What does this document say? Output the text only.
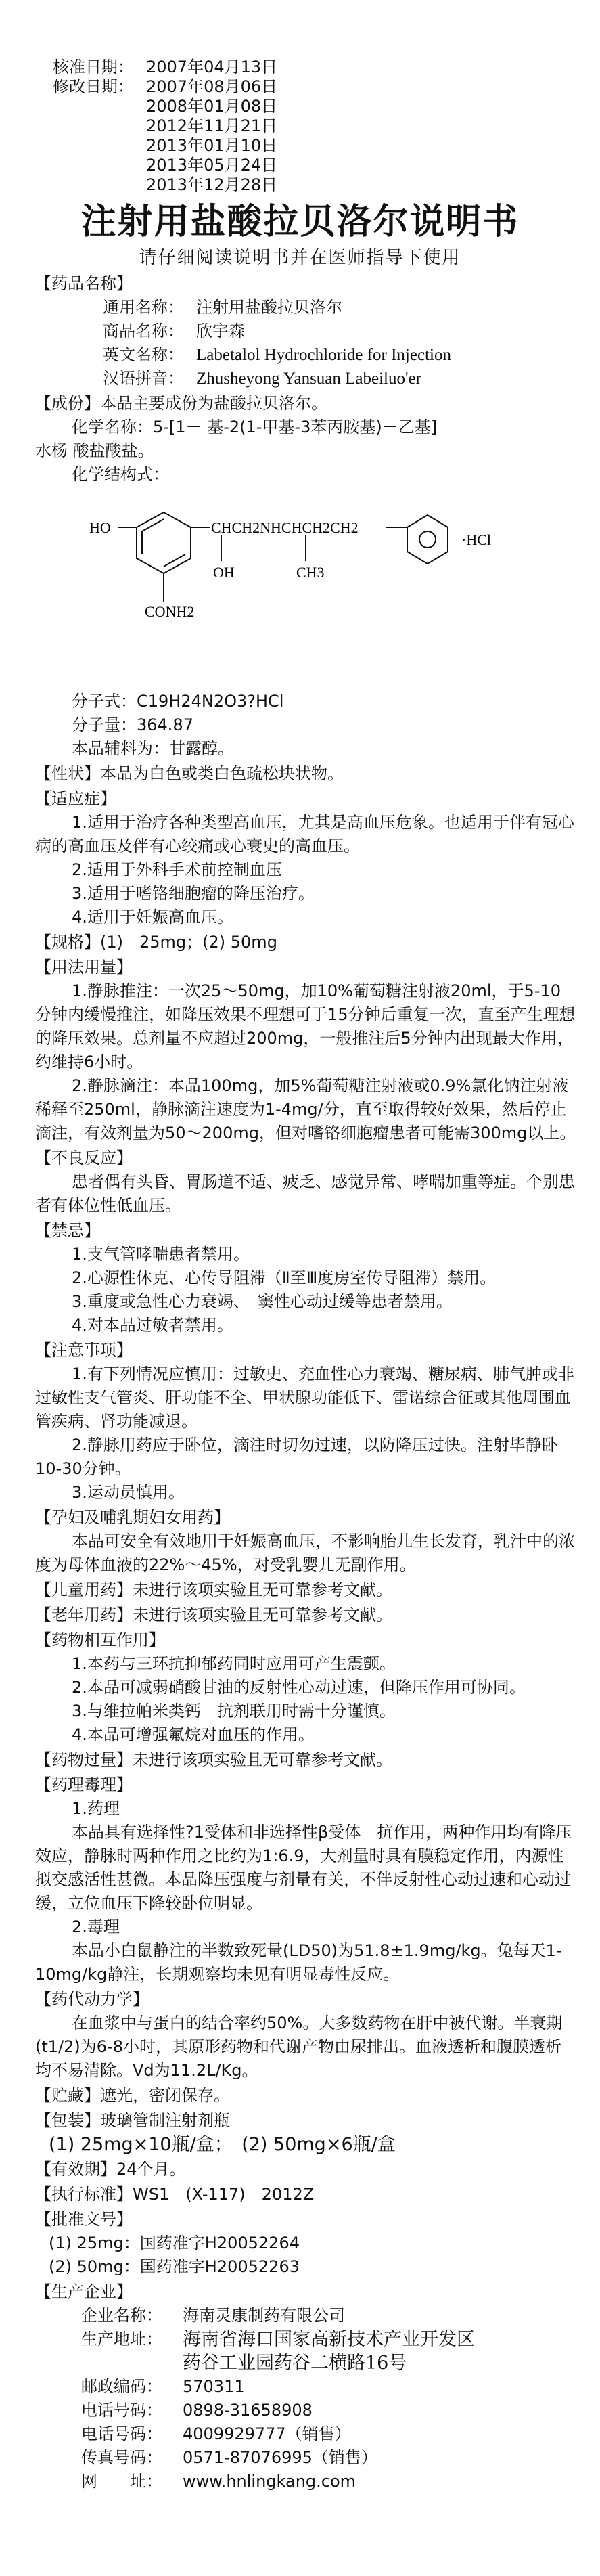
核准日期： 2007年04月13日
修改日期： 2007年08月06日
2008年01月08日
2012年11月21日
2013年01月10日
2013年05月24日
2013年12月28日
注射用盐酸拉贝洛尔说明书
请仔细阅读说明书并在医师指导下使用
【药品名称】
通用名称： 注射用盐酸拉贝洛尔
商品名称： 欣宇森
英文名称： Labetalol Hydrochloride for Injection
汉语拼音： Zhusheyong Yansuan Labeiluo'er
【成份】本品主要成份为盐酸拉贝洛尔。
化学名称：5-[1－ 基-2(1-甲基-3苯丙胺基)－乙基]
水杨 酸盐酸盐。
化学结构式：
HO
CONH2
OH
CHCH2NHCHCH2CH2
CH3
·HCl
分子式：C19H24N2O3?HCl
分子量：364.87
本品辅料为：甘露醇。
【性状】本品为白色或类白色疏松块状物。
【适应症】
1.适用于治疗各种类型高血压，尤其是高血压危象。也适用于伴有冠心病的高血压及伴有心绞痛或心衰史的高血压。
2.适用于外科手术前控制血压
3.适用于嗜铬细胞瘤的降压治疗。
4.适用于妊娠高血压。
【规格】(1)　25mg；(2) 50mg
【用法用量】
1.静脉推注：一次25～50mg，加10%葡萄糖注射液20ml，于5-10分钟内缓慢推注，如降压效果不理想可于15分钟后重复一次，直至产生理想的降压效果。总剂量不应超过200mg，一般推注后5分钟内出现最大作用，约维持6小时。
2.静脉滴注：本品100mg，加5%葡萄糖注射液或0.9%氯化钠注射液稀释至250ml，静脉滴注速度为1-4mg/分，直至取得较好效果，然后停止滴注，有效剂量为50～200mg，但对嗜铬细胞瘤患者可能需300mg以上。
【不良反应】
患者偶有头昏、胃肠道不适、疲乏、感觉异常、哮喘加重等症。个别患者有体位性低血压。
【禁忌】
1.支气管哮喘患者禁用。
2.心源性休克、心传导阻滞（Ⅱ至Ⅲ度房室传导阻滞）禁用。
3.重度或急性心力衰竭、　窦性心动过缓等患者禁用。
4.对本品过敏者禁用。
【注意事项】
1.有下列情况应慎用：过敏史、充血性心力衰竭、糖尿病、肺气肿或非过敏性支气管炎、肝功能不全、甲状腺功能低下、雷诺综合征或其他周围血管疾病、肾功能减退。
2.静脉用药应于卧位，滴注时切勿过速，以防降压过快。注射毕静卧10-30分钟。
3.运动员慎用。
【孕妇及哺乳期妇女用药】
本品可安全有效地用于妊娠高血压，不影响胎儿生长发育，乳汁中的浓度为母体血液的22%～45%，对受乳婴儿无副作用。
【儿童用药】未进行该项实验且无可靠参考文献。
【老年用药】未进行该项实验且无可靠参考文献。
【药物相互作用】
1.本药与三环抗抑郁药同时应用可产生震颤。
2.本品可减弱硝酸甘油的反射性心动过速，但降压作用可协同。
3.与维拉帕米类钙　抗剂联用时需十分谨慎。
4.本品可增强氟烷对血压的作用。
【药物过量】未进行该项实验且无可靠参考文献。
【药理毒理】
1.药理
本品具有选择性?1受体和非选择性β受体　抗作用，两种作用均有降压效应，静脉时两种作用之比约为1:6.9，大剂量时具有膜稳定作用，内源性拟交感活性甚微。本品降压强度与剂量有关，不伴反射性心动过速和心动过缓，立位血压下降较卧位明显。
2.毒理
本品小白鼠静注的半数致死量(LD50)为51.8±1.9mg/kg。兔每天1-10mg/kg静注，长期观察均未见有明显毒性反应。
【药代动力学】
在血浆中与蛋白的结合率约50%。大多数药物在肝中被代谢。半衰期(t1/2)为6-8小时，其原形药物和代谢产物由尿排出。血液透析和腹膜透析均不易清除。Vd为11.2L/Kg。
【贮藏】遮光，密闭保存。
【包装】玻璃管制注射剂瓶
(1) 25mg×10瓶/盒；　(2) 50mg×6瓶/盒
【有效期】24个月。
【执行标准】WS1－(X-117)－2012Z
【批准文号】
(1) 25mg：国药准字H20052264
(2) 50mg：国药准字H20052263
【生产企业】
企业名称：	海南灵康制药有限公司
生产地址：	海南省海口国家高新技术产业开发区
药谷工业园药谷二横路16号
邮政编码：	570311
电话号码：	0898-31658908
电话号码：	4009929777（销售）
传真号码：	0571-87076995（销售）
网　　址：	www.hnlingkang.com
